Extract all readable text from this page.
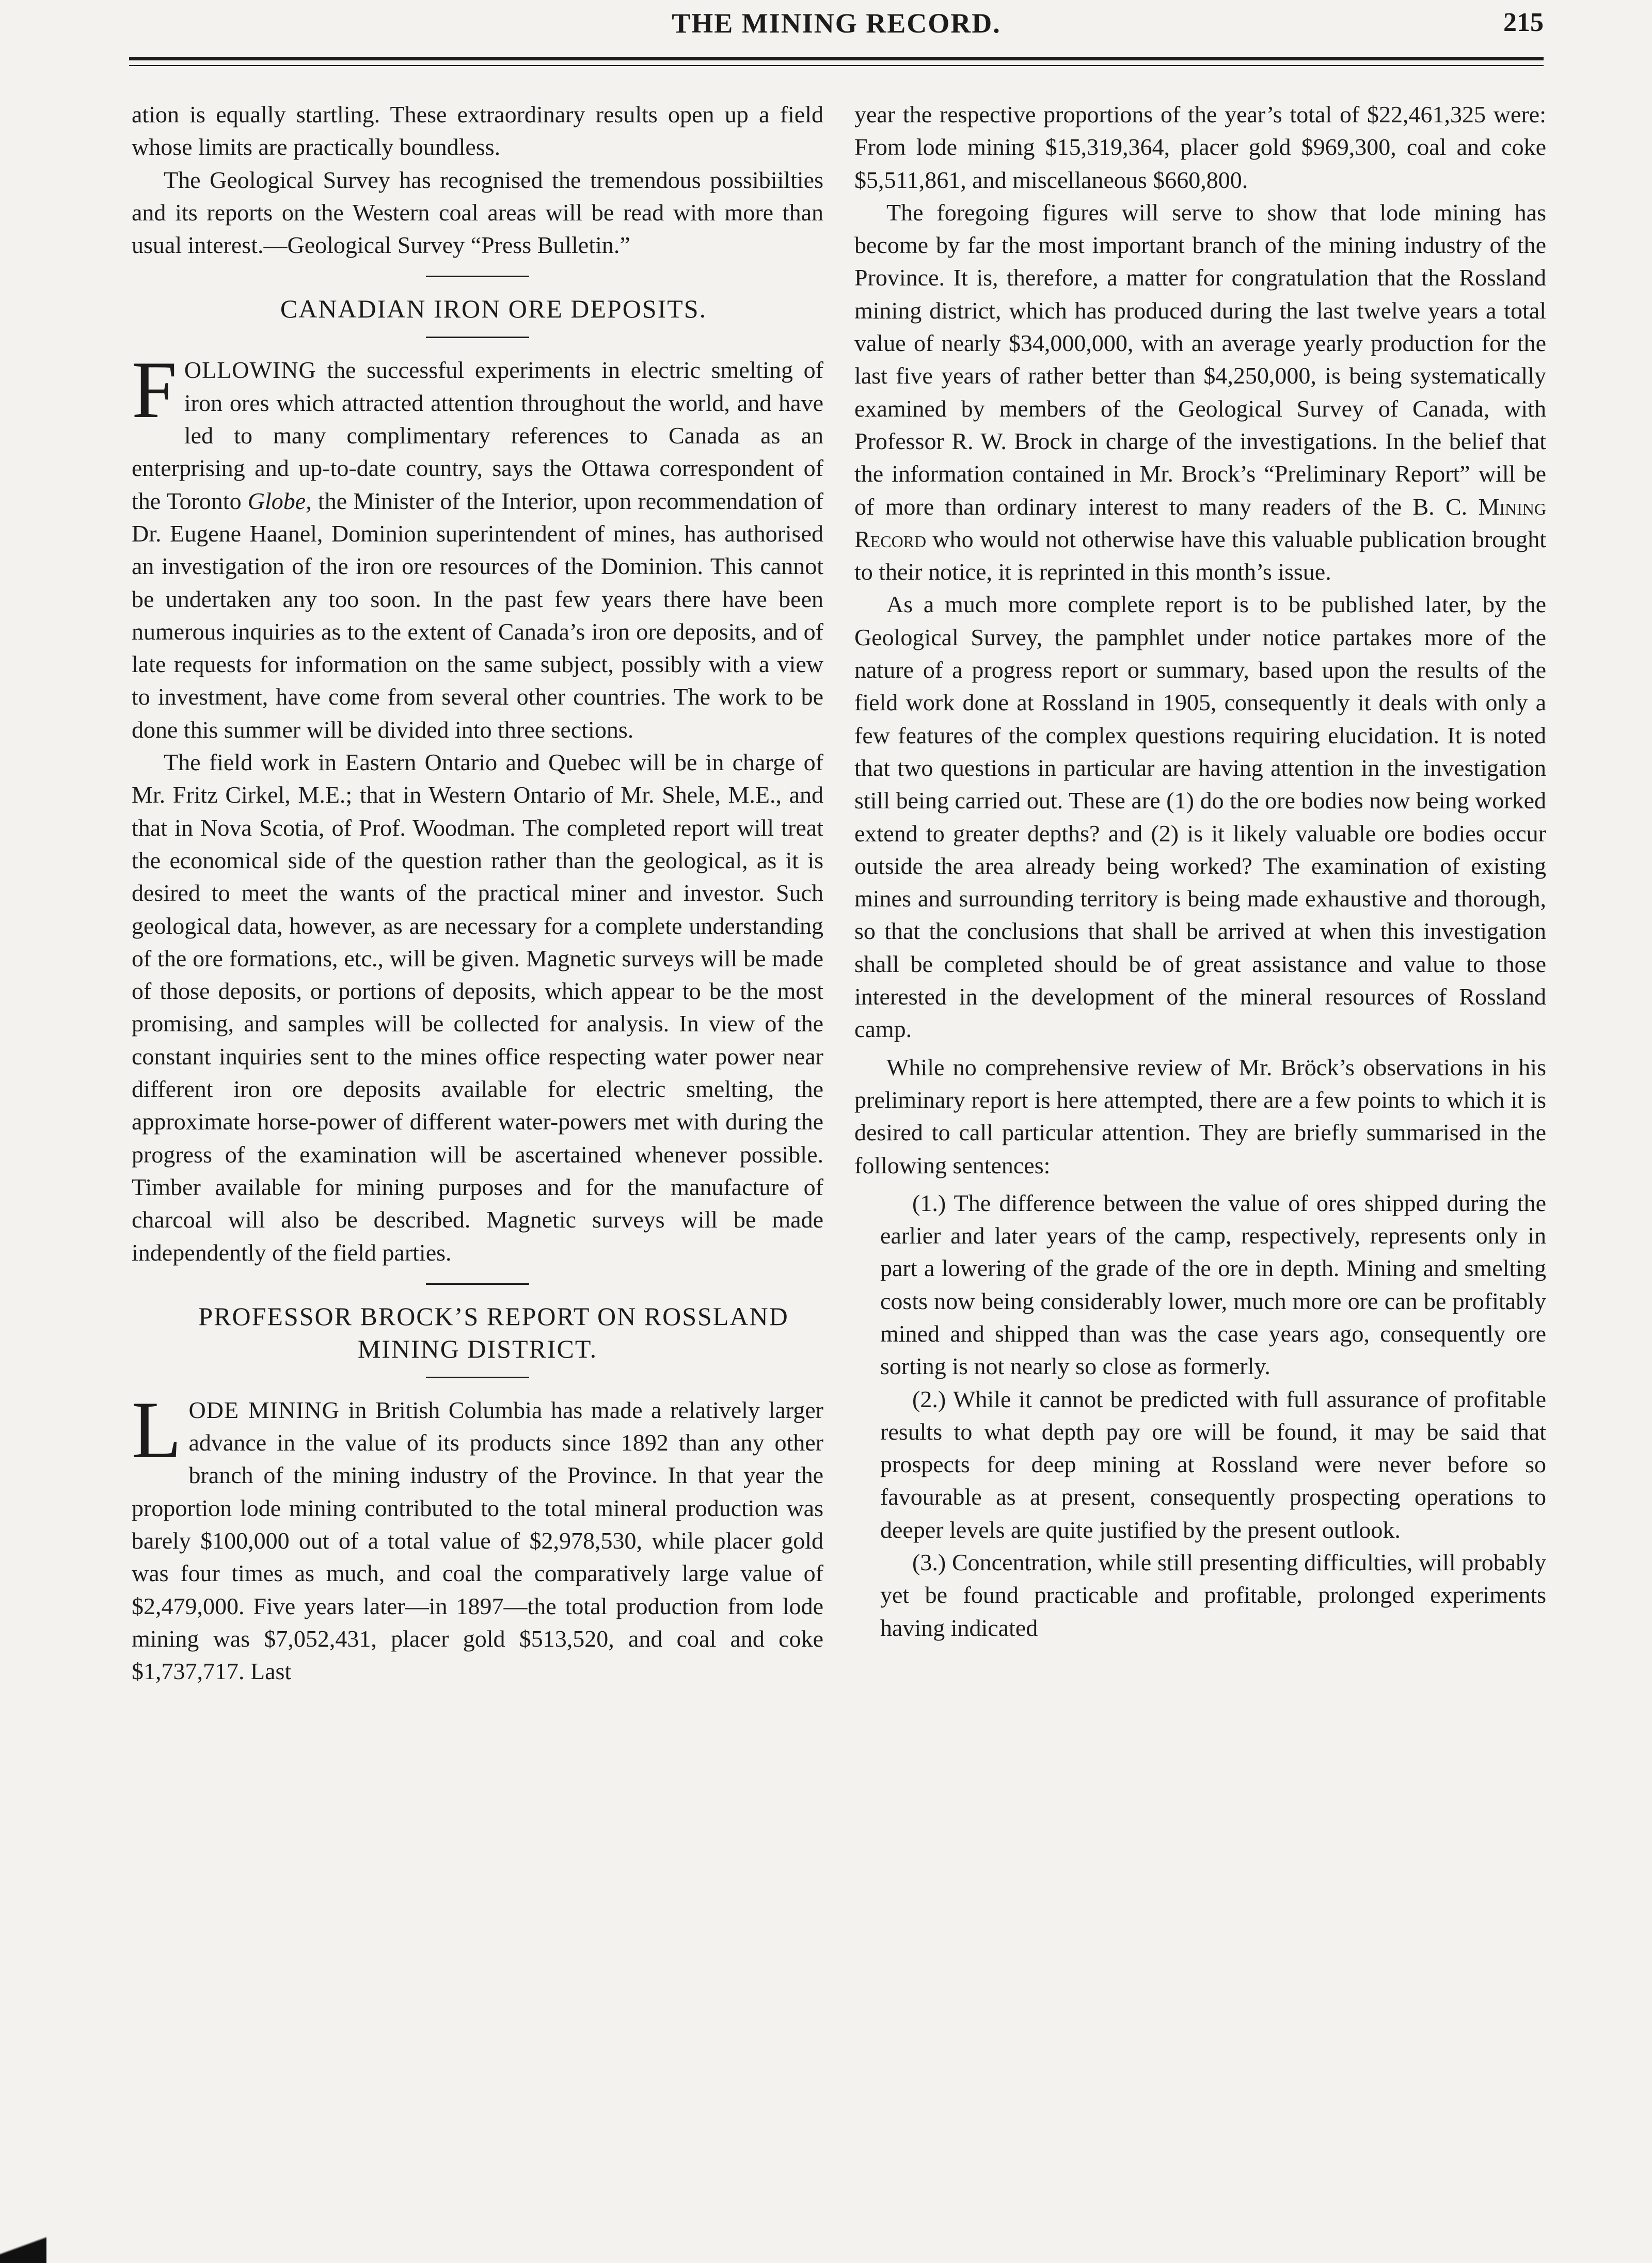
THE MINING RECORD.	215

ation is equally startling. These extraordinary results open up a field whose limits are practically boundless.

The Geological Survey has recognised the tremendous possibiilties and its reports on the Western coal areas will be read with more than usual interest.—Geological Survey “Press Bulletin.”

CANADIAN IRON ORE DEPOSITS.

FOLLOWING the successful experiments in electric smelting of iron ores which attracted attention throughout the world, and have led to many complimentary references to Canada as an enterprising and up-to-date country, says the Ottawa correspondent of the Toronto Globe, the Minister of the Interior, upon recommendation of Dr. Eugene Haanel, Dominion superintendent of mines, has authorised an investigation of the iron ore resources of the Dominion. This cannot be undertaken any too soon. In the past few years there have been numerous inquiries as to the extent of Canada’s iron ore deposits, and of late requests for information on the same subject, possibly with a view to investment, have come from several other countries. The work to be done this summer will be divided into three sections.

The field work in Eastern Ontario and Quebec will be in charge of Mr. Fritz Cirkel, M.E.; that in Western Ontario of Mr. Shele, M.E., and that in Nova Scotia, of Prof. Woodman. The completed report will treat the economical side of the question rather than the geological, as it is desired to meet the wants of the practical miner and investor. Such geological data, however, as are necessary for a complete understanding of the ore formations, etc., will be given. Magnetic surveys will be made of those deposits, or portions of deposits, which appear to be the most promising, and samples will be collected for analysis. In view of the constant inquiries sent to the mines office respecting water power near different iron ore deposits available for electric smelting, the approximate horse-power of different water-powers met with during the progress of the examination will be ascertained whenever possible. Timber available for mining purposes and for the manufacture of charcoal will also be described. Magnetic surveys will be made independently of the field parties.

PROFESSOR BROCK’S REPORT ON ROSSLAND MINING DISTRICT.

LODE MINING in British Columbia has made a relatively larger advance in the value of its products since 1892 than any other branch of the mining industry of the Province. In that year the proportion lode mining contributed to the total mineral production was barely $100,000 out of a total value of $2,978,530, while placer gold was four times as much, and coal the comparatively large value of $2,479,000. Five years later—in 1897—the total production from lode mining was $7,052,431, placer gold $513,520, and coal and coke $1,737,717. Last

year the respective proportions of the year’s total of $22,461,325 were: From lode mining $15,319,364, placer gold $969,300, coal and coke $5,511,861, and miscellaneous $660,800.

The foregoing figures will serve to show that lode mining has become by far the most important branch of the mining industry of the Province. It is, therefore, a matter for congratulation that the Rossland mining district, which has produced during the last twelve years a total value of nearly $34,000,000, with an average yearly production for the last five years of rather better than $4,250,000, is being systematically examined by members of the Geological Survey of Canada, with Professor R. W. Brock in charge of the investigations. In the belief that the information contained in Mr. Brock’s “Preliminary Report” will be of more than ordinary interest to many readers of the B. C. Mining Record who would not otherwise have this valuable publication brought to their notice, it is reprinted in this month’s issue.

As a much more complete report is to be published later, by the Geological Survey, the pamphlet under notice partakes more of the nature of a progress report or summary, based upon the results of the field work done at Rossland in 1905, consequently it deals with only a few features of the complex questions requiring elucidation. It is noted that two questions in particular are having attention in the investigation still being carried out. These are (1) do the ore bodies now being worked extend to greater depths? and (2) is it likely valuable ore bodies occur outside the area already being worked? The examination of existing mines and surrounding territory is being made exhaustive and thorough, so that the conclusions that shall be arrived at when this investigation shall be completed should be of great assistance and value to those interested in the development of the mineral resources of Rossland camp.

While no comprehensive review of Mr. Bröck’s observations in his preliminary report is here attempted, there are a few points to which it is desired to call particular attention. They are briefly summarised in the following sentences:

(1.) The difference between the value of ores shipped during the earlier and later years of the camp, respectively, represents only in part a lowering of the grade of the ore in depth. Mining and smelting costs now being considerably lower, much more ore can be profitably mined and shipped than was the case years ago, consequently ore sorting is not nearly so close as formerly.

(2.) While it cannot be predicted with full assurance of profitable results to what depth pay ore will be found, it may be said that prospects for deep mining at Rossland were never before so favourable as at present, consequently prospecting operations to deeper levels are quite justified by the present outlook.

(3.) Concentration, while still presenting difficulties, will probably yet be found practicable and profitable, prolonged experiments having indicated
